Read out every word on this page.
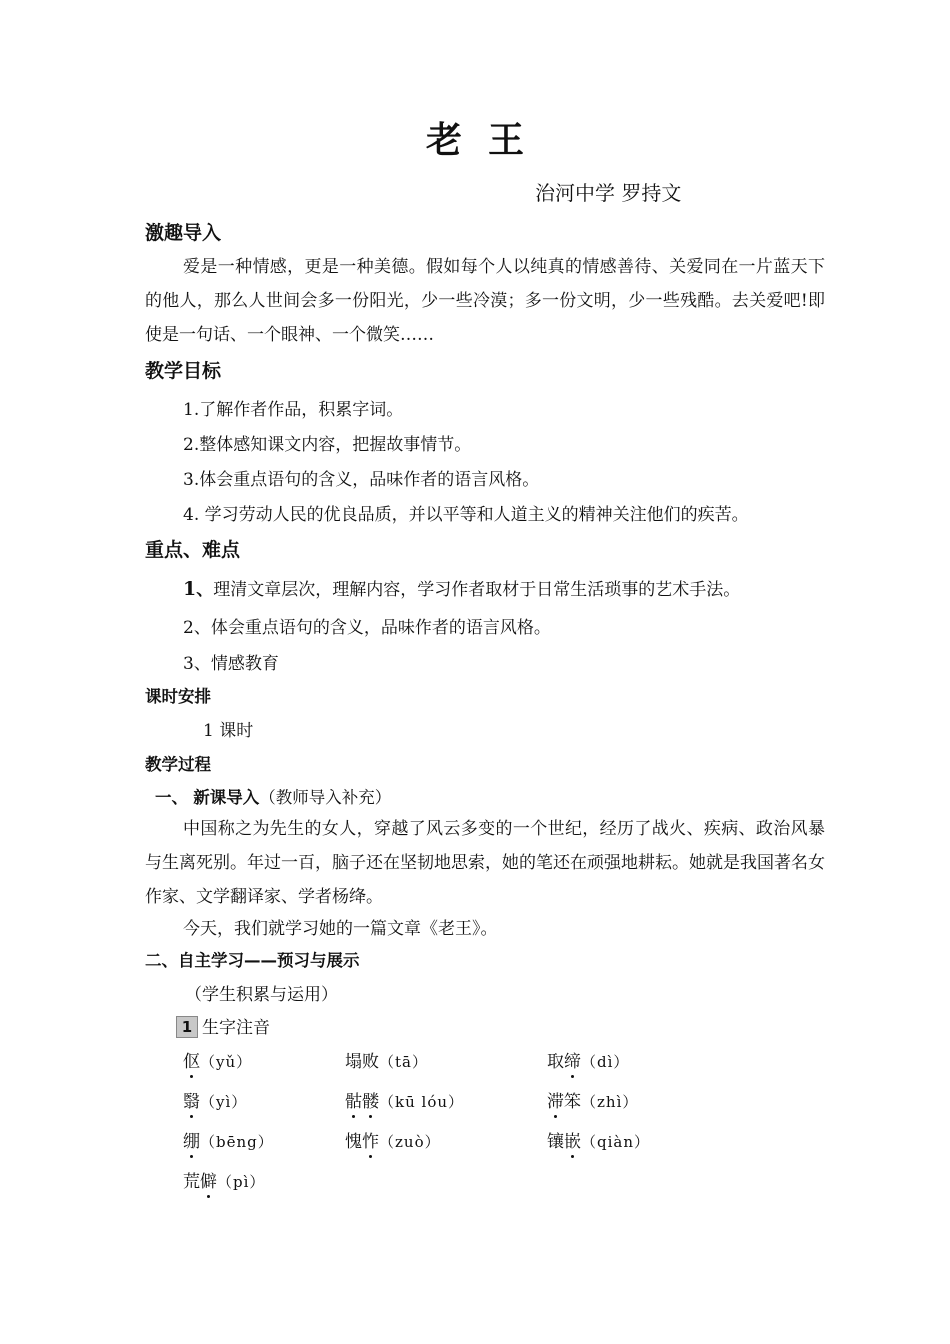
老王
治河中学 罗持文
激趣导入
爱是一种情感，更是一种美德。假如每个人以纯真的情感善待、关爱同在一片蓝天下的他人，那么人世间会多一份阳光，少一些冷漠；多一份文明，少一些残酷。去关爱吧!即使是一句话、一个眼神、一个微笑……
教学目标
1.了解作者作品，积累字词。
2.整体感知课文内容，把握故事情节。
3.体会重点语句的含义，品味作者的语言风格。
4. 学习劳动人民的优良品质，并以平等和人道主义的精神关注他们的疾苦。
重点、难点
1、理清文章层次，理解内容，学习作者取材于日常生活琐事的艺术手法。
2、体会重点语句的含义，品味作者的语言风格。
3、情感教育
课时安排
1 课时
教学过程
一、 新课导入（教师导入补充）
中国称之为先生的女人，穿越了风云多变的一个世纪，经历了战火、疾病、政治风暴与生离死别。年过一百，脑子还在坚韧地思索，她的笔还在顽强地耕耘。她就是我国著名女作家、文学翻译家、学者杨绛。
今天，我们就学习她的一篇文章《老王》。
二、自主学习——预习与展示
（学生积累与运用）
1 生字注音
伛（yǔ）	塌败（tā）	取缔（dì）
翳（yì）	骷髅（kū lóu）	滞笨（zhì）
绷（bēng）	愧怍（zuò）	镶嵌（qiàn）
荒僻（pì）
